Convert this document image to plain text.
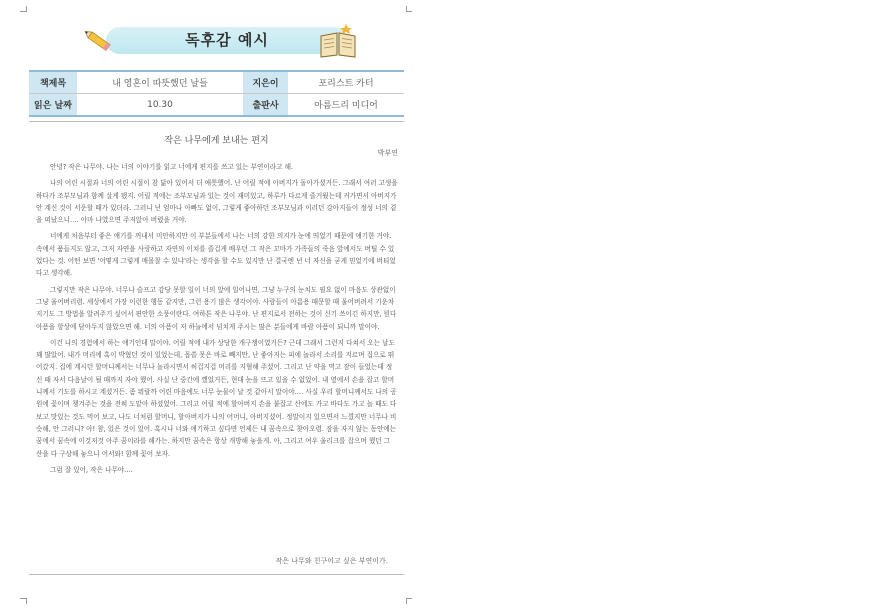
독후감 예시
책제목	내 영혼이 따뜻했던 날들	지은이	포리스트 카터
읽은 날짜	10.30	출판사	아름드리 미디어
작은 나무에게 보내는 편지
박부연

안녕? 작은 나무야. 나는 너의 이야기를 읽고 너에게 편지를 쓰고 있는 부연이라고 해.

나의 어린 시절과 너의 어린 시절이 참 닮아 있어서 더 애틋했어. 난 어릴 적에 아버지가 돌아가셨거든. 그래서 여러 고생을 하다가 조부모님과 함께 살게 됐지. 어릴 적에는 조부모님과 있는 것이 재미있고, 하루가 다르게 즐거웠는데 커가면서 아버지가 안 계신 것이 서운할 때가 있더라. 그러니 넌 엄마나 아빠도 없이, 그렇게 좋아하던 조부모님과 이러던 강아지들이 정성 너의 곁을 떠났으니…. 아마 나였으면 주저앉아 버렸을 거야.

너에게 처음부터 좋은 얘기를 꺼내서 미안하지만 이 부분들에서 나는 너의 강한 의지가 눈에 띄었기 때문에 얘기한 거야. 속에서 품들지도 않고, 그저 자연을 사랑하고 자연의 이치를 즐겁게 배우던 그 작은 꼬마가 가족들의 죽음 앞에서도 버틸 수 있었다는 것. 어떤 보면 '어떻게 그렇게 매몰찰 수 있냐'라는 생각을 할 수도 있지만 난 결국엔 넌 너 자신을 굳게 믿었기에 버티었다고 생각해.

그렇지만 작은 나무야. 너무나 슬프고 감당 못할 일이 너의 앞에 일어나면, 그냥 누구의 눈치도 필요 없이 마음도 상관없이 그냥 울어버리렴. 세상에서 가장 이런한 행동 같지만, 그런 용기 많은 생각이야. 사람들이 아름용 때문할 때 울어버려서 기운차지기도 그 방법을 알려주기 싶어서 편안한 소풍이란다. 여하튼 작은 나무야. 난 편지로서 전하는 것이 신기 쓰이긴 하지만, 뭔다 아픔을 항상에 담아두지 않았으면 해. 너의 아픔이 저 하늘에서 넘치게 주시는 많은 분들에게 바람 아픔이 되니까 말이야.

이건 나의 경험에서 하는 얘기인데 말이야. 어릴 적에 내가 상당한 개구쟁이였거든? 근데 그래서 그런지 다쳐서 오는 날도 꽤 많았어. 내가 머리에 혹이 박혔던 것이 있었는데, 몹쓸 못은 바로 빼지만, 난 좋아지는 피에 놀라서 소리를 지르며 집으로 뛰어갔지. 집에 계시던 할머니께서는 너무나 놀라시면서 허겁지겁 머리를 지혈해 주셨어. 그리고 난 약을 먹고 잠이 들었는데 정신 때 자서 다음날이 될 때까지 자야 했어. 사실 난 중간에 깼었거든, 현대 눈을 뜨고 있을 수 없었어. 내 옆에서 손을 잡고 할머니께서 기도를 하시고 계셨거든. 좀 뭐랄까 어린 마음에도 너무 눈물이 날 것 같아서 말이야…. 사실 우리 할머니께서도 나의 공원에 꽃이며 챙겨주는 것을 전혀 도맡아 하셨었어. 그리고 어릴 적에 할아버지 손을 붙잡고 산에도 가고 바다도 가고 놀 때도 다 보고 맛있는 것도 먹어 보고, 나도 너처럼 할머니, 할아버지가 나의 어머니, 아버지셨어. 정말이지 있으면서 느꼈지만 너무나 비슷해, 안 그러니? 아! 참, 있은 것이 있어. 혹시나 너와 얘기하고 싶다면 언제든 내 꿈속으로 찾아오렴. 잠을 자지 않는 동안에는 꿈에서 꿈속에 이것저것 아주 꿈이라를 해가는. 하지만 꿈속은 항상 개방해 놓을게. 아, 그리고 여우 울리크를 잡으며 했던 그 산을 다 구상해 놓으니 어서와! 함께 꽃어 보자.

그럼 잘 있어, 작은 나무야….

작은 나무와 친구이고 싶은 부연이가.
